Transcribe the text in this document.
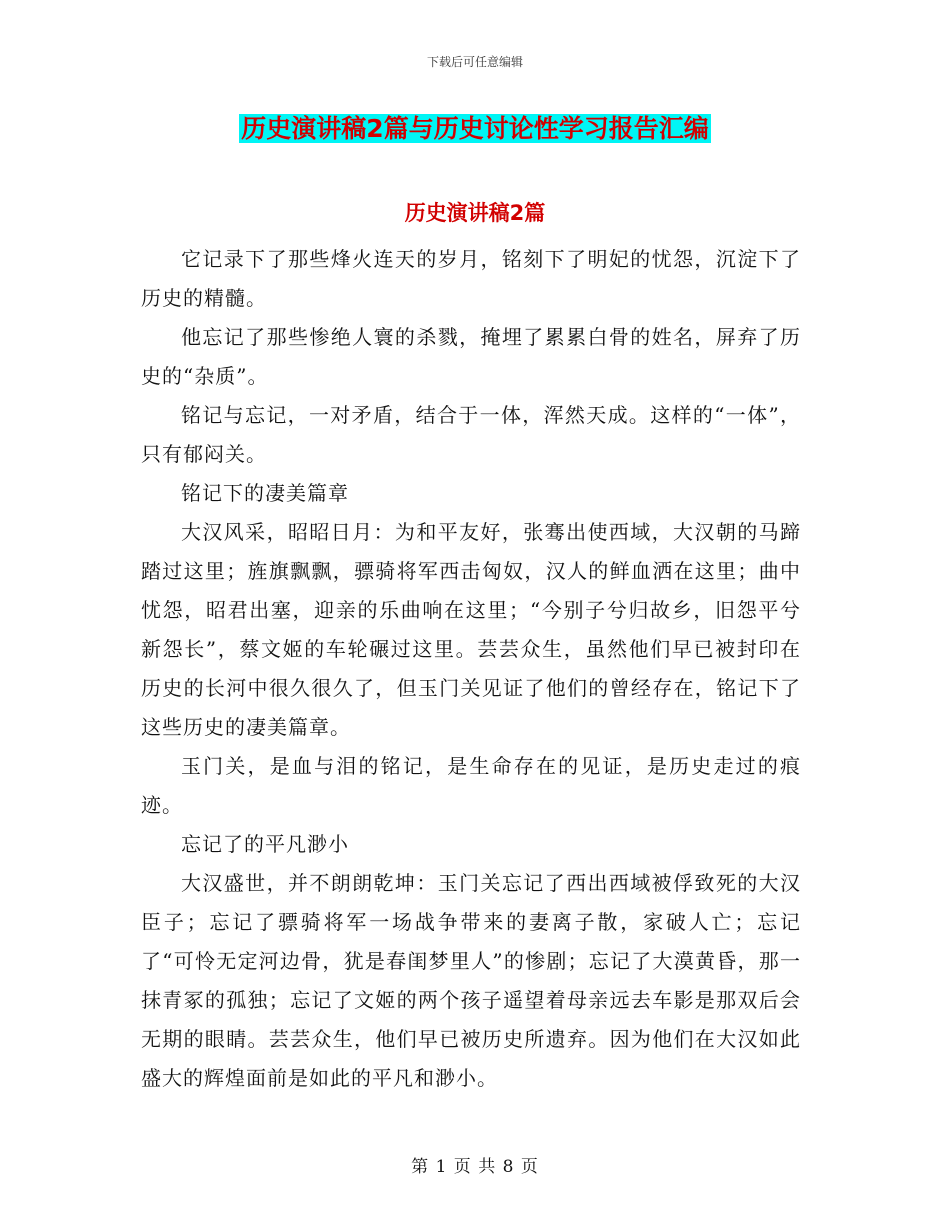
下载后可任意编辑
历史演讲稿2篇与历史讨论性学习报告汇编
历史演讲稿2篇

它记录下了那些烽火连天的岁月，铭刻下了明妃的忧怨，沉淀下了历史的精髓。

他忘记了那些惨绝人寰的杀戮，掩埋了累累白骨的姓名，屏弃了历史的“杂质”。

铭记与忘记，一对矛盾，结合于一体，浑然天成。这样的“一体”，只有郁闷关。

铭记下的凄美篇章

大汉风采，昭昭日月：为和平友好，张骞出使西域，大汉朝的马蹄踏过这里；旌旗飘飘，骠骑将军西击匈奴，汉人的鲜血洒在这里；曲中忧怨，昭君出塞，迎亲的乐曲响在这里；“今别子兮归故乡，旧怨平兮新怨长”，蔡文姬的车轮碾过这里。芸芸众生，虽然他们早已被封印在历史的长河中很久很久了，但玉门关见证了他们的曾经存在，铭记下了这些历史的凄美篇章。

玉门关，是血与泪的铭记，是生命存在的见证，是历史走过的痕迹。

忘记了的平凡渺小

大汉盛世，并不朗朗乾坤：玉门关忘记了西出西域被俘致死的大汉臣子；忘记了骠骑将军一场战争带来的妻离子散，家破人亡；忘记了“可怜无定河边骨，犹是春闺梦里人”的惨剧；忘记了大漠黄昏，那一抹青冢的孤独；忘记了文姬的两个孩子遥望着母亲远去车影是那双后会无期的眼睛。芸芸众生，他们早已被历史所遗弃。因为他们在大汉如此盛大的辉煌面前是如此的平凡和渺小。

第 1 页 共 8 页
